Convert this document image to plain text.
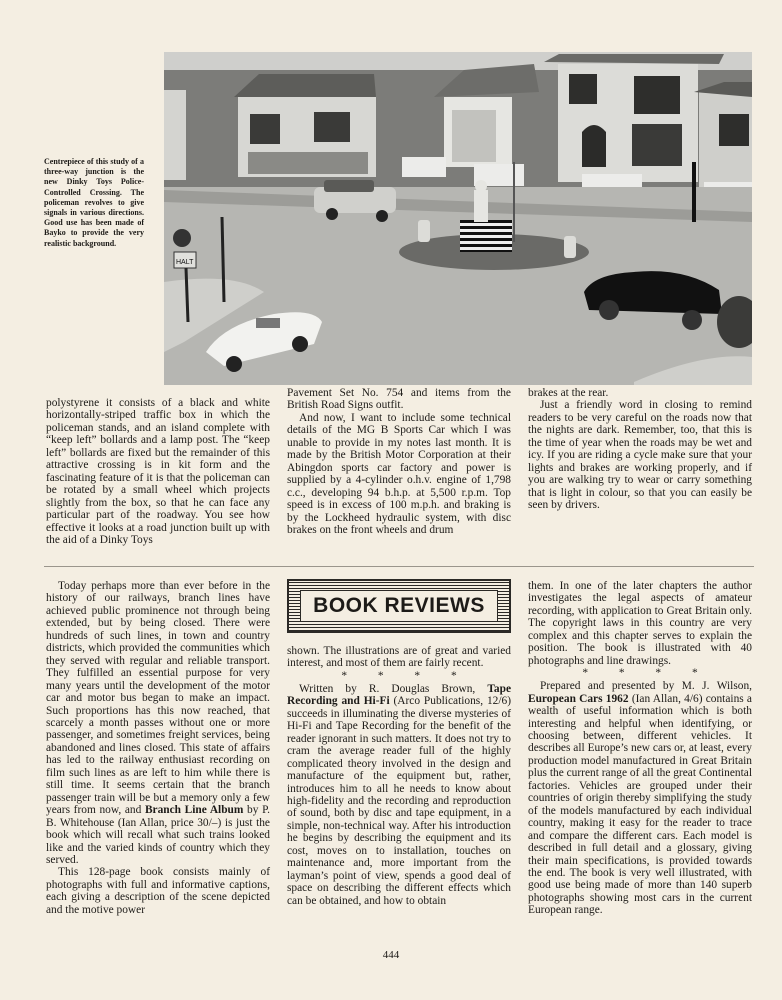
Centrepiece of this study of a three-way junction is the new Dinky Toys Police-Controlled Crossing. The policeman revolves to give signals in various directions. Good use has been made of Bayko to provide the very realistic background.
HALT

polystyrene it consists of a black and white horizontally-striped traffic box in which the policeman stands, and an island complete with “keep left” bollards and a lamp post. The “keep left” bollards are fixed but the remainder of this attractive crossing is in kit form and the fascinating feature of it is that the policeman can be rotated by a small wheel which projects slightly from the box, so that he can face any particular part of the roadway. You see how effective it looks at a road junction built up with the aid of a Dinky Toys

Pavement Set No. 754 and items from the British Road Signs outfit.

And now, I want to include some technical details of the MG B Sports Car which I was unable to provide in my notes last month. It is made by the British Motor Corporation at their Abingdon sports car factory and power is supplied by a 4-cylinder o.h.v. engine of 1,798 c.c., developing 94 b.h.p. at 5,500 r.p.m. Top speed is in excess of 100 m.p.h. and braking is by the Lockheed hydraulic system, with disc brakes on the front wheels and drum

brakes at the rear.

Just a friendly word in closing to remind readers to be very careful on the roads now that the nights are dark. Remember, too, that this is the time of year when the roads may be wet and icy. If you are riding a cycle make sure that your lights and brakes are working properly, and if you are walking try to wear or carry something that is light in colour, so that you can easily be seen by drivers.

BOOK REVIEWS

Today perhaps more than ever before in the history of our railways, branch lines have achieved public prominence not through being extended, but by being closed. There were hundreds of such lines, in town and country districts, which provided the communities which they served with regular and reliable transport. They fulfilled an essential purpose for very many years until the development of the motor car and motor bus began to make an impact. Such proportions has this now reached, that scarcely a month passes without one or more passenger, and sometimes freight services, being abandoned and lines closed. This state of affairs has led to the railway enthusiast recording on film such lines as are left to him while there is still time. It seems certain that the branch passenger train will be but a memory only a few years from now, and Branch Line Album by P. B. Whitehouse (Ian Allan, price 30/–) is just the book which will recall what such trains looked like and the varied kinds of country which they served.

This 128-page book consists mainly of photographs with full and informative captions, each giving a description of the scene depicted and the motive power

shown. The illustrations are of great and varied interest, and most of them are fairly recent.

* * * *

Written by R. Douglas Brown, Tape Recording and Hi-Fi (Arco Publications, 12/6) succeeds in illuminating the diverse mysteries of Hi-Fi and Tape Recording for the benefit of the reader ignorant in such matters. It does not try to cram the average reader full of the highly complicated theory involved in the design and manufacture of the equipment but, rather, introduces him to all he needs to know about high-fidelity and the recording and reproduction of sound, both by disc and tape equipment, in a simple, non-technical way. After his introduction he begins by describing the equipment and its cost, moves on to installation, touches on maintenance and, more important from the layman’s point of view, spends a good deal of space on describing the different effects which can be obtained, and how to obtain

them. In one of the later chapters the author investigates the legal aspects of amateur recording, with application to Great Britain only. The copyright laws in this country are very complex and this chapter serves to explain the position. The book is illustrated with 40 photographs and line drawings.

* * * *

Prepared and presented by M. J. Wilson, European Cars 1962 (Ian Allan, 4/6) contains a wealth of useful information which is both interesting and helpful when identifying, or choosing between, different vehicles. It describes all Europe’s new cars or, at least, every production model manufactured in Great Britain plus the current range of all the great Continental factories. Vehicles are grouped under their countries of origin thereby simplifying the study of the models manufactured by each individual country, making it easy for the reader to trace and compare the different cars. Each model is described in full detail and a glossary, giving their main specifications, is provided towards the end. The book is very well illustrated, with good use being made of more than 140 superb photographs showing most cars in the current European range.

444
